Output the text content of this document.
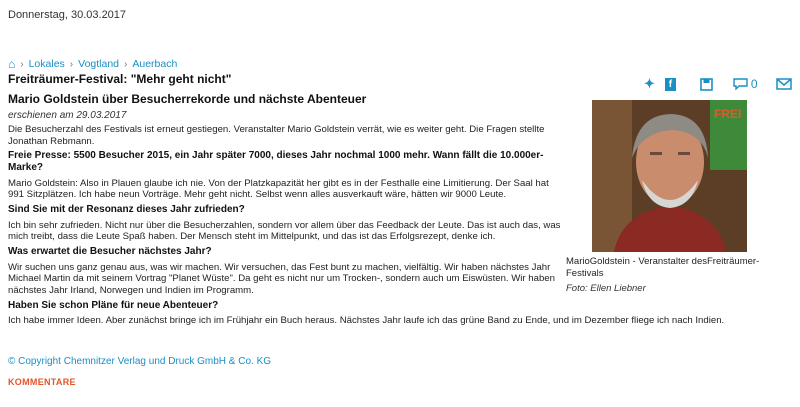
Donnerstag, 30.03.2017
⌂ › Lokales › Vogtland › Auerbach
Freiträumer-Festival: "Mehr geht nicht"
Mario Goldstein über Besucherrekorde und nächste Abenteuer
erschienen am 29.03.2017
✦	f	0
FREI
MarioGoldstein - Veranstalter desFreiträumer-Festivals
Foto: Ellen Liebner

Die Besucherzahl des Festivals ist erneut gestiegen. Veranstalter Mario Goldstein verrät, wie es weiter geht. Die Fragen stellte Jonathan Rebmann.

Freie Presse: 5500 Besucher 2015, ein Jahr später 7000, dieses Jahr nochmal 1000 mehr. Wann fällt die 10.000er-Marke?

Mario Goldstein: Also in Plauen glaube ich nie. Von der Platzkapazität her gibt es in der Festhalle eine Limitierung. Der Saal hat 991 Sitzplätzen. Ich habe neun Vorträge. Mehr geht nicht. Selbst wenn alles ausverkauft wäre, hätten wir 9000 Leute.

Sind Sie mit der Resonanz dieses Jahr zufrieden?

Ich bin sehr zufrieden. Nicht nur über die Besucherzahlen, sondern vor allem über das Feedback der Leute. Das ist auch das, was mich treibt, dass die Leute Spaß haben. Der Mensch steht im Mittelpunkt, und das ist das Erfolgsrezept, denke ich.

Was erwartet die Besucher nächstes Jahr?

Wir suchen uns ganz genau aus, was wir machen. Wir versuchen, das Fest bunt zu machen, vielfältig. Wir haben nächstes Jahr Michael Martin da mit seinem Vortrag "Planet Wüste". Da geht es nicht nur um Trocken-, sondern auch um Eiswüsten. Wir haben nächstes Jahr Irland, Norwegen und Indien im Programm.

Haben Sie schon Pläne für neue Abenteuer?

Ich habe immer Ideen. Aber zunächst bringe ich im Frühjahr ein Buch heraus. Nächstes Jahr laufe ich das grüne Band zu Ende, und im Dezember fliege ich nach Indien.

© Copyright Chemnitzer Verlag und Druck GmbH & Co. KG
KOMMENTARE
